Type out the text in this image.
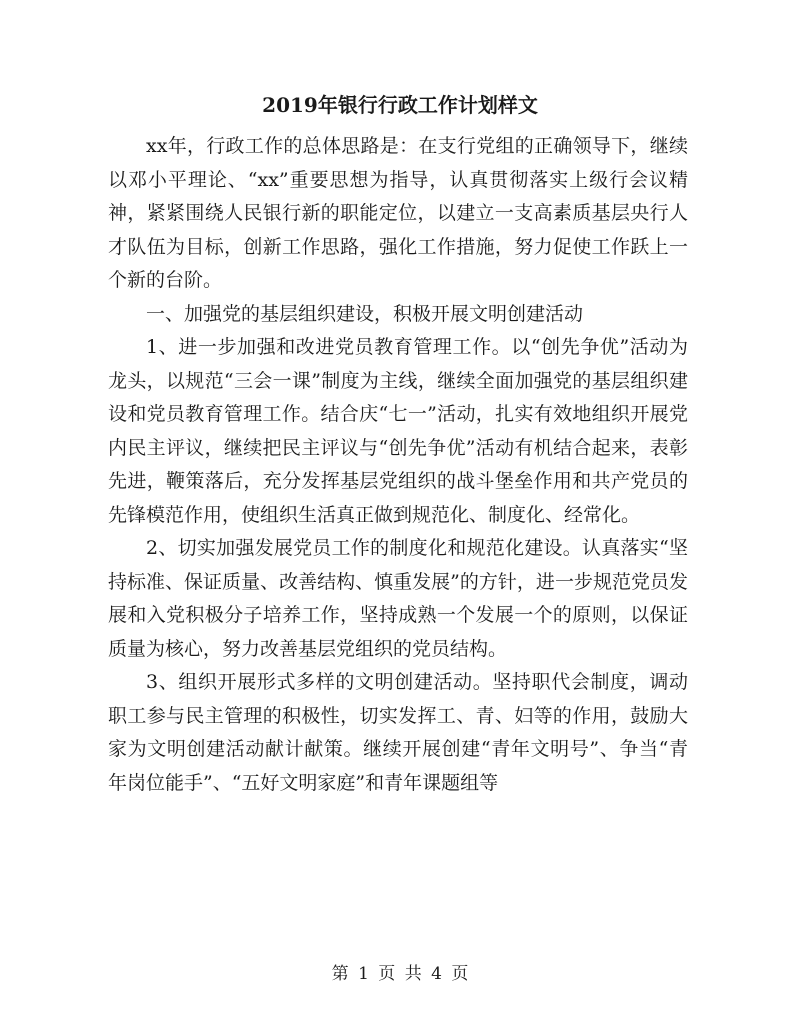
2019年银行行政工作计划样文

xx年，行政工作的总体思路是：在支行党组的正确领导下，继续以邓小平理论、“xx”重要思想为指导，认真贯彻落实上级行会议精神，紧紧围绕人民银行新的职能定位，以建立一支高素质基层央行人才队伍为目标，创新工作思路，强化工作措施，努力促使工作跃上一个新的台阶。

一、加强党的基层组织建设，积极开展文明创建活动

1、进一步加强和改进党员教育管理工作。以“创先争优”活动为龙头，以规范“三会一课”制度为主线，继续全面加强党的基层组织建设和党员教育管理工作。结合庆“七一”活动，扎实有效地组织开展党内民主评议，继续把民主评议与“创先争优”活动有机结合起来，表彰先进，鞭策落后，充分发挥基层党组织的战斗堡垒作用和共产党员的先锋模范作用，使组织生活真正做到规范化、制度化、经常化。

2、切实加强发展党员工作的制度化和规范化建设。认真落实“坚持标准、保证质量、改善结构、慎重发展”的方针，进一步规范党员发展和入党积极分子培养工作，坚持成熟一个发展一个的原则，以保证质量为核心，努力改善基层党组织的党员结构。

3、组织开展形式多样的文明创建活动。坚持职代会制度，调动职工参与民主管理的积极性，切实发挥工、青、妇等的作用，鼓励大家为文明创建活动献计献策。继续开展创建“青年文明号”、争当“青年岗位能手”、“五好文明家庭”和青年课题组等

第 1 页 共 4 页
